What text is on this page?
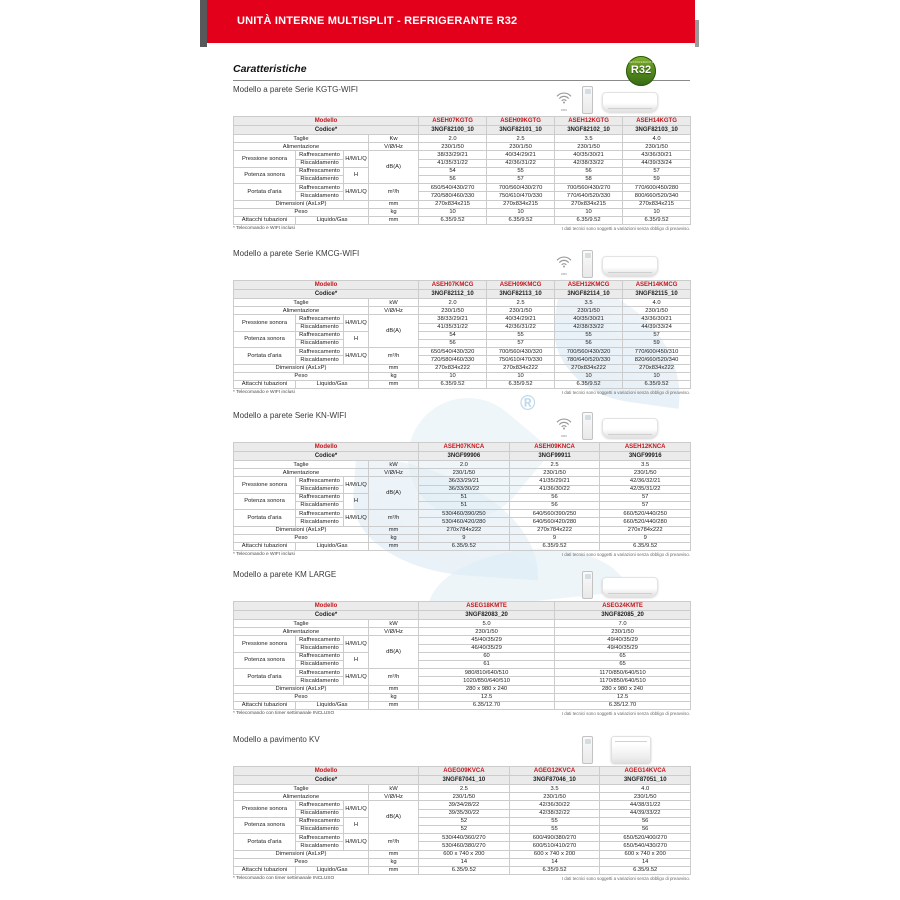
UNITÀ INTERNE MULTISPLIT - REFRIGERANTE R32
Caratteristiche
REFRIGERANTE
R32
®
Modello a parete Serie KGTG-WIFI
WIFI
Modello				ASEH07KGTG	ASEH09KGTG	ASEH12KGTG	ASEH14KGTG
Codice*				3NGF82100_10	3NGF82101_10	3NGF82102_10	3NGF82103_10
Taglie			Kw	2.0	2.5	3.5	4.0
Alimentazione			V/Ø/Hz	230/1/50	230/1/50	230/1/50	230/1/50
Pressione sonora	Raffrescamento	H/M/L/Q	dB(A)	38/33/29/21	40/34/29/21	40/35/30/21	43/36/30/21
	Riscaldamento			41/35/31/22	42/36/31/22	42/38/33/22	44/39/33/24
Potenza sonora	Raffrescamento	H		54	55	56	57
	Riscaldamento			56	57	58	59
Portata d'aria	Raffrescamento	H/M/L/Q	m³/h	650/540/430/270	700/560/430/270	700/560/430/270	770/600/450/280
	Riscaldamento			720/580/460/330	750/610/470/330	770/640/520/330	800/660/520/340
Dimensioni (AxLxP)			mm	270x834x215	270x834x215	270x834x215	270x834x215
Peso			kg	10	10	10	10
Attacchi tubazioni	Liquido/Gas		mm	6.35/9.52	6.35/9.52	6.35/9.52	6.35/9.52
* Telecomando e WIFI inclusi	I dati tecnici sono soggetti a variazioni senza obbligo di preavviso.
Modello a parete Serie KMCG-WIFI
WIFI
Modello				ASEH07KMCG	ASEH09KMCG	ASEH12KMCG	ASEH14KMCG
Codice*				3NGF82112_10	3NGF82113_10	3NGF82114_10	3NGF82115_10
Taglie			kW	2.0	2.5	3.5	4.0
Alimentazione			V/Ø/Hz	230/1/50	230/1/50	230/1/50	230/1/50
Pressione sonora	Raffrescamento	H/M/L/Q	dB(A)	38/33/29/21	40/34/29/21	40/35/30/21	43/36/30/21
	Riscaldamento			41/35/31/22	42/36/31/22	42/38/33/22	44/39/33/24
Potenza sonora	Raffrescamento	H		54	55	55	57
	Riscaldamento			56	57	56	59
Portata d'aria	Raffrescamento	H/M/L/Q	m³/h	650/540/430/320	700/560/430/320	700/560/430/320	770/600/450/310
	Riscaldamento			720/580/460/330	750/610/470/330	780/640/520/330	820/660/520/340
Dimensioni (AxLxP)			mm	270x834x222	270x834x222	270x834x222	270x834x222
Peso			kg	10	10	10	10
Attacchi tubazioni	Liquido/Gas		mm	6.35/9.52	6.35/9.52	6.35/9.52	6.35/9.52
* Telecomando e WIFI inclusi	I dati tecnici sono soggetti a variazioni senza obbligo di preavviso.
Modello a parete Serie KN-WIFI
WIFI
Modello				ASEH07KNCA	ASEH09KNCA	ASEH12KNCA
Codice*				3NGF99906	3NGF99911	3NGF99916
Taglie			kW	2.0	2.5	3.5
Alimentazione			V/Ø/Hz	230/1/50	230/1/50	230/1/50
Pressione sonora	Raffrescamento	H/M/L/Q	dB(A)	36/33/29/21	41/35/29/21	42/36/32/21
	Riscaldamento			36/33/30/22	41/36/30/22	42/35/31/22
Potenza sonora	Raffrescamento	H		51	56	57
	Riscaldamento			51	56	57
Portata d'aria	Raffrescamento	H/M/L/Q	m³/h	530/460/390/250	640/560/390/250	660/520/440/250
	Riscaldamento			530/460/420/280	640/560/420/280	660/520/440/280
Dimensioni (AxLxP)			mm	270x784x222	270x784x222	270x784x222
Peso			kg	9	9	9
Attacchi tubazioni	Liquido/Gas		mm	6.35/9.52	6.35/9.52	6.35/9.52
* Telecomando e WIFI inclusi	I dati tecnici sono soggetti a variazioni senza obbligo di preavviso.
Modello a parete KM LARGE
Modello				ASEG18KMTE	ASEG24KMTE
Codice*				3NGF82083_20	3NGF82085_20
Taglie			kW	5.0	7.0
Alimentazione			V/Ø/Hz	230/1/50	230/1/50
Pressione sonora	Raffrescamento	H/M/L/Q	dB(A)	45/40/35/29	49/40/35/29
	Riscaldamento			46/40/35/29	49/40/35/29
Potenza sonora	Raffrescamento	H		60	65
	Riscaldamento			61	65
Portata d'aria	Raffrescamento	H/M/L/Q	m³/h	980/810/640/510	1170/850/640/510
	Riscaldamento			1020/850/640/510	1170/850/640/510
Dimensioni (AxLxP)			mm	280 x 980 x 240	280 x 980 x 240
Peso			kg	12.5	12.5
Attacchi tubazioni	Liquido/Gas		mm	6.35/12.70	6.35/12.70
* Telecomando con timer settimanale INCLUSO	I dati tecnici sono soggetti a variazioni senza obbligo di preavviso.
Modello a pavimento KV
Modello				AGEG09KVCA	AGEG12KVCA	AGEG14KVCA
Codice*				3NGF87041_10	3NGF87046_10	3NGF87051_10
Taglie			kW	2.5	3.5	4.0
Alimentazione			V/Ø/Hz	230/1/50	230/1/50	230/1/50
Pressione sonora	Raffrescamento	H/M/L/Q	dB(A)	39/34/28/22	42/36/30/22	44/38/31/22
	Riscaldamento			39/35/30/22	42/38/32/22	44/39/33/22
Potenza sonora	Raffrescamento	H		52	55	56
	Riscaldamento			52	55	56
Portata d'aria	Raffrescamento	H/M/L/Q	m³/h	530/440/360/270	600/490/380/270	650/520/400/270
	Riscaldamento			530/460/380/270	600/510/410/270	650/540/430/270
Dimensioni (AxLxP)			mm	600 x 740 x 200	600 x 740 x 200	600 x 740 x 200
Peso			kg	14	14	14
Attacchi tubazioni	Liquido/Gas		mm	6.35/9.52	6.35/9.52	6.35/9.52
* Telecomando con timer settimanale INCLUSO	I dati tecnici sono soggetti a variazioni senza obbligo di preavviso.
